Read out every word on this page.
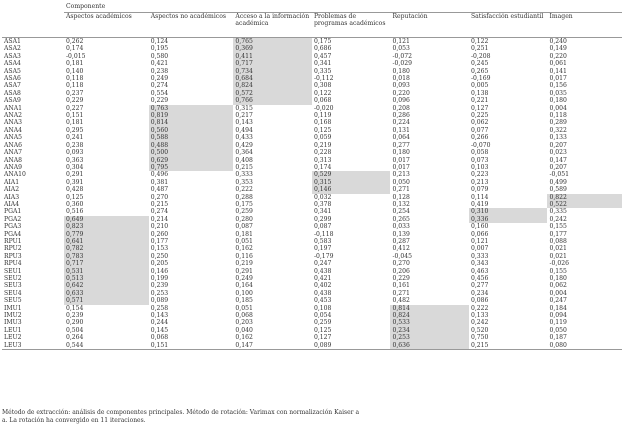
	Componente						
	Aspectos académicos	Aspectos no académicos	Acceso a la información académica	Problemas de programas académicos	Reputación	Satisfacción estudiantil	Imagen
ASA1	0,262	0,124	0,765	0,175	0,121	0,122	0,240
ASA2	0,174	0,195	0,369	0,686	0,053	0,251	0,149
ASA3	-0,015	0,580	0,411	0,457	-0,072	-0,208	0,220
ASA4	0,181	0,421	0,717	0,341	-0,029	0,245	0,061
ASA5	0,140	0,238	0,734	0,335	0,180	0,265	0,141
ASA6	0,118	0,249	0,684	-0,112	0,018	-0,169	0,017
ASA7	0,118	0,274	0,824	0,308	0,093	0,005	0,156
ASA8	0,237	0,554	0,572	0,122	0,220	0,138	0,035
ASA9	0,229	0,229	0,766	0,068	0,096	0,221	0,180
ANA1	0,227	0,763	0,315	-0,020	0,208	0,127	0,004
ANA2	0,151	0,819	0,217	0,119	0,286	0,225	0,118
ANA3	0,181	0,814	0,143	0,168	0,224	0,062	0,289
ANA4	0,295	0,560	0,494	0,125	0,131	0,077	0,322
ANA5	0,241	0,588	0,433	0,059	0,064	0,266	0,133
ANA6	0,238	0,488	0,429	0,219	0,277	-0,070	0,207
ANA7	0,093	0,500	0,364	0,228	0,180	0,058	0,023
ANA8	0,363	0,629	0,408	0,313	0,017	0,073	0,147
ANA9	0,304	0,795	0,215	0,174	0,017	0,103	0,207
ANA10	0,291	0,496	0,333	0,529	0,213	0,223	-0,051
AIA1	0,391	0,381	0,353	0,315	0,050	0,213	0,499
AIA2	0,428	0,487	0,222	0,146	0,271	0,079	0,589
AIA3	0,125	0,270	0,288	0,032	0,128	0,114	0,822
AIA4	0,360	0,215	0,175	0,378	0,132	0,419	0,522
PGA1	0,516	0,274	0,259	0,341	0,254	0,310	0,335
PGA2	0,649	0,214	0,280	0,299	0,265	0,336	0,242
PGA3	0,823	0,210	0,087	0,087	0,033	0,160	0,155
PGA4	0,779	0,260	0,181	-0,118	0,139	0,066	0,177
RPU1	0,641	0,177	0,051	0,583	0,287	0,121	0,088
RPU2	0,782	0,153	0,162	0,197	0,412	0,007	0,021
RPU3	0,783	0,250	0,116	-0,179	-0,045	0,333	0,021
RPU4	0,717	0,205	0,219	0,247	0,270	0,343	-0,026
SEU1	0,531	0,146	0,291	0,438	0,206	0,463	0,155
SEU2	0,513	0,199	0,249	0,421	0,229	0,456	0,180
SEU3	0,642	0,239	0,164	0,402	0,161	0,277	0,062
SEU4	0,633	0,253	0,100	0,438	0,271	0,234	0,004
SEU5	0,571	0,089	0,185	0,453	0,482	0,086	0,247
IMU1	0,154	0,258	0,051	0,108	0,814	0,222	0,184
IMU2	0,239	0,143	0,068	0,054	0,824	0,133	0,094
IMU3	0,290	0,244	0,203	0,259	0,533	0,242	0,119
LEU1	0,504	0,145	0,040	0,125	0,234	0,520	0,050
LEU2	0,264	0,068	0,162	0,127	0,253	0,750	0,187
LEU3	0,544	0,151	0,147	0,089	0,636	0,215	0,080
Método de extracción: análisis de componentes principales. Método de rotación: Varimax con normalización Kaiser a
a. La rotación ha convergido en 11 iteraciones.
